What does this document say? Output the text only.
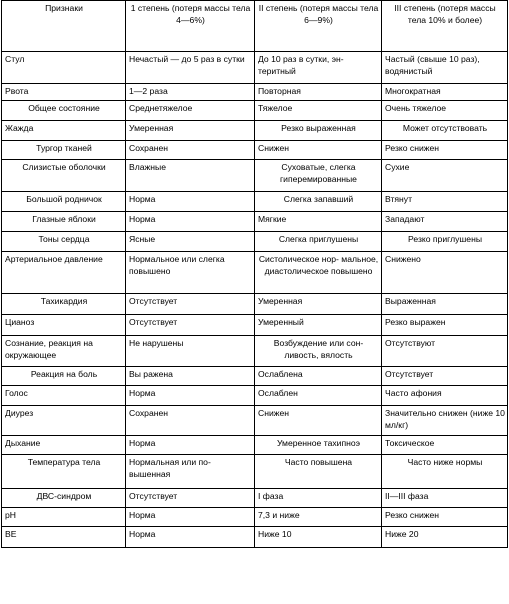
Признаки	1 степень (потеря массы тела 4—6%)	II степень (потеря массы тела 6—9%)	III степень (потеря массы тела 10% и более)
Стул	Нечастый — до 5 раз в сутки	До 10 раз в сутки, эн- теритный	Частый (свыше 10 раз), водянистый
Рвота	1—2 раза	Повторная	Многократная
Общее состояние	Среднетяжелое	Тяжелое	Очень тяжелое
Жажда	Умеренная	Резко выраженная	Может отсутствовать
Тургор тканей	Сохранен	Снижен	Резко снижен
Слизистые оболочки	Влажные	Суховатые, слегка гиперемированные	Сухие
Большой родничок	Норма	Слегка запавший	Втянут
Глазные яблоки	Норма	Мягкие	Западают
Тоны сердца	Ясные	Слегка приглушены	Резко приглушены
Артериальное давление	Нормальное или слегка повышено	Систолическое нор- мальное, диастолическое повышено	Снижено
Тахикардия	Отсутствует	Умеренная	Выраженная
Цианоз	Отсутствует	Умеренный	Резко выражен
Сознание, реакция на окружающее	Не нарушены	Возбуждение или сон- ливость, вялость	Отсутствуют
Реакция на боль	Вы ражена	Ослаблена	Отсутствует
Голос	Норма	Ослаблен	Часто афония
Диурез	Сохранен	Снижен	Значительно снижен (ниже 10 мл/кг)
Дыхание	Норма	Умеренное тахипноэ	Токсическое
Температура тела	Нормальная или по- вышенная	Часто повышена	Часто ниже нормы
ДВС-синдром	Отсутствует	I фаза	II—III фаза
pH	Норма	7,3 и ниже	Резко снижен
BE	Норма	Ниже 10	Ниже 20
